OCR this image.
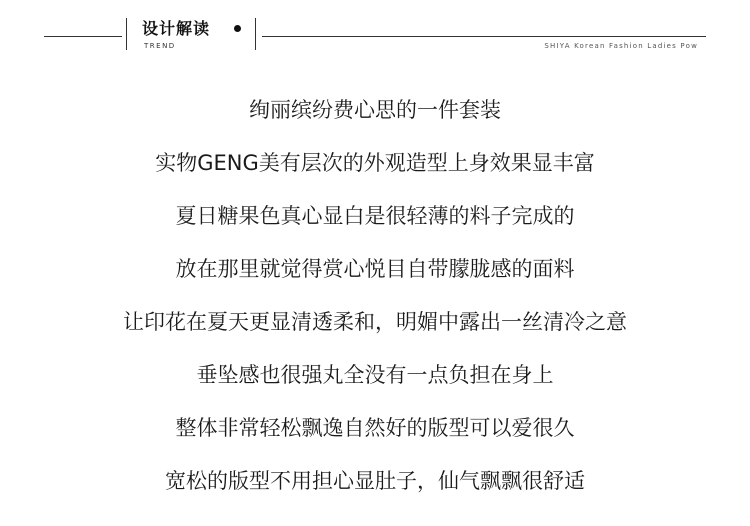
设计解读
TREND	SHIYA Korean Fashion Ladies Pow
绚丽缤纷费心思的一件套装
实物GENG美有层次的外观造型上身效果显丰富
夏日糖果色真心显白是很轻薄的料子完成的
放在那里就觉得赏心悦目自带朦胧感的面料
让印花在夏天更显清透柔和，明媚中露出一丝清冷之意
垂坠感也很强丸全没有一点负担在身上
整体非常轻松飘逸自然好的版型可以爱很久
宽松的版型不用担心显肚子，仙气飘飘很舒适
